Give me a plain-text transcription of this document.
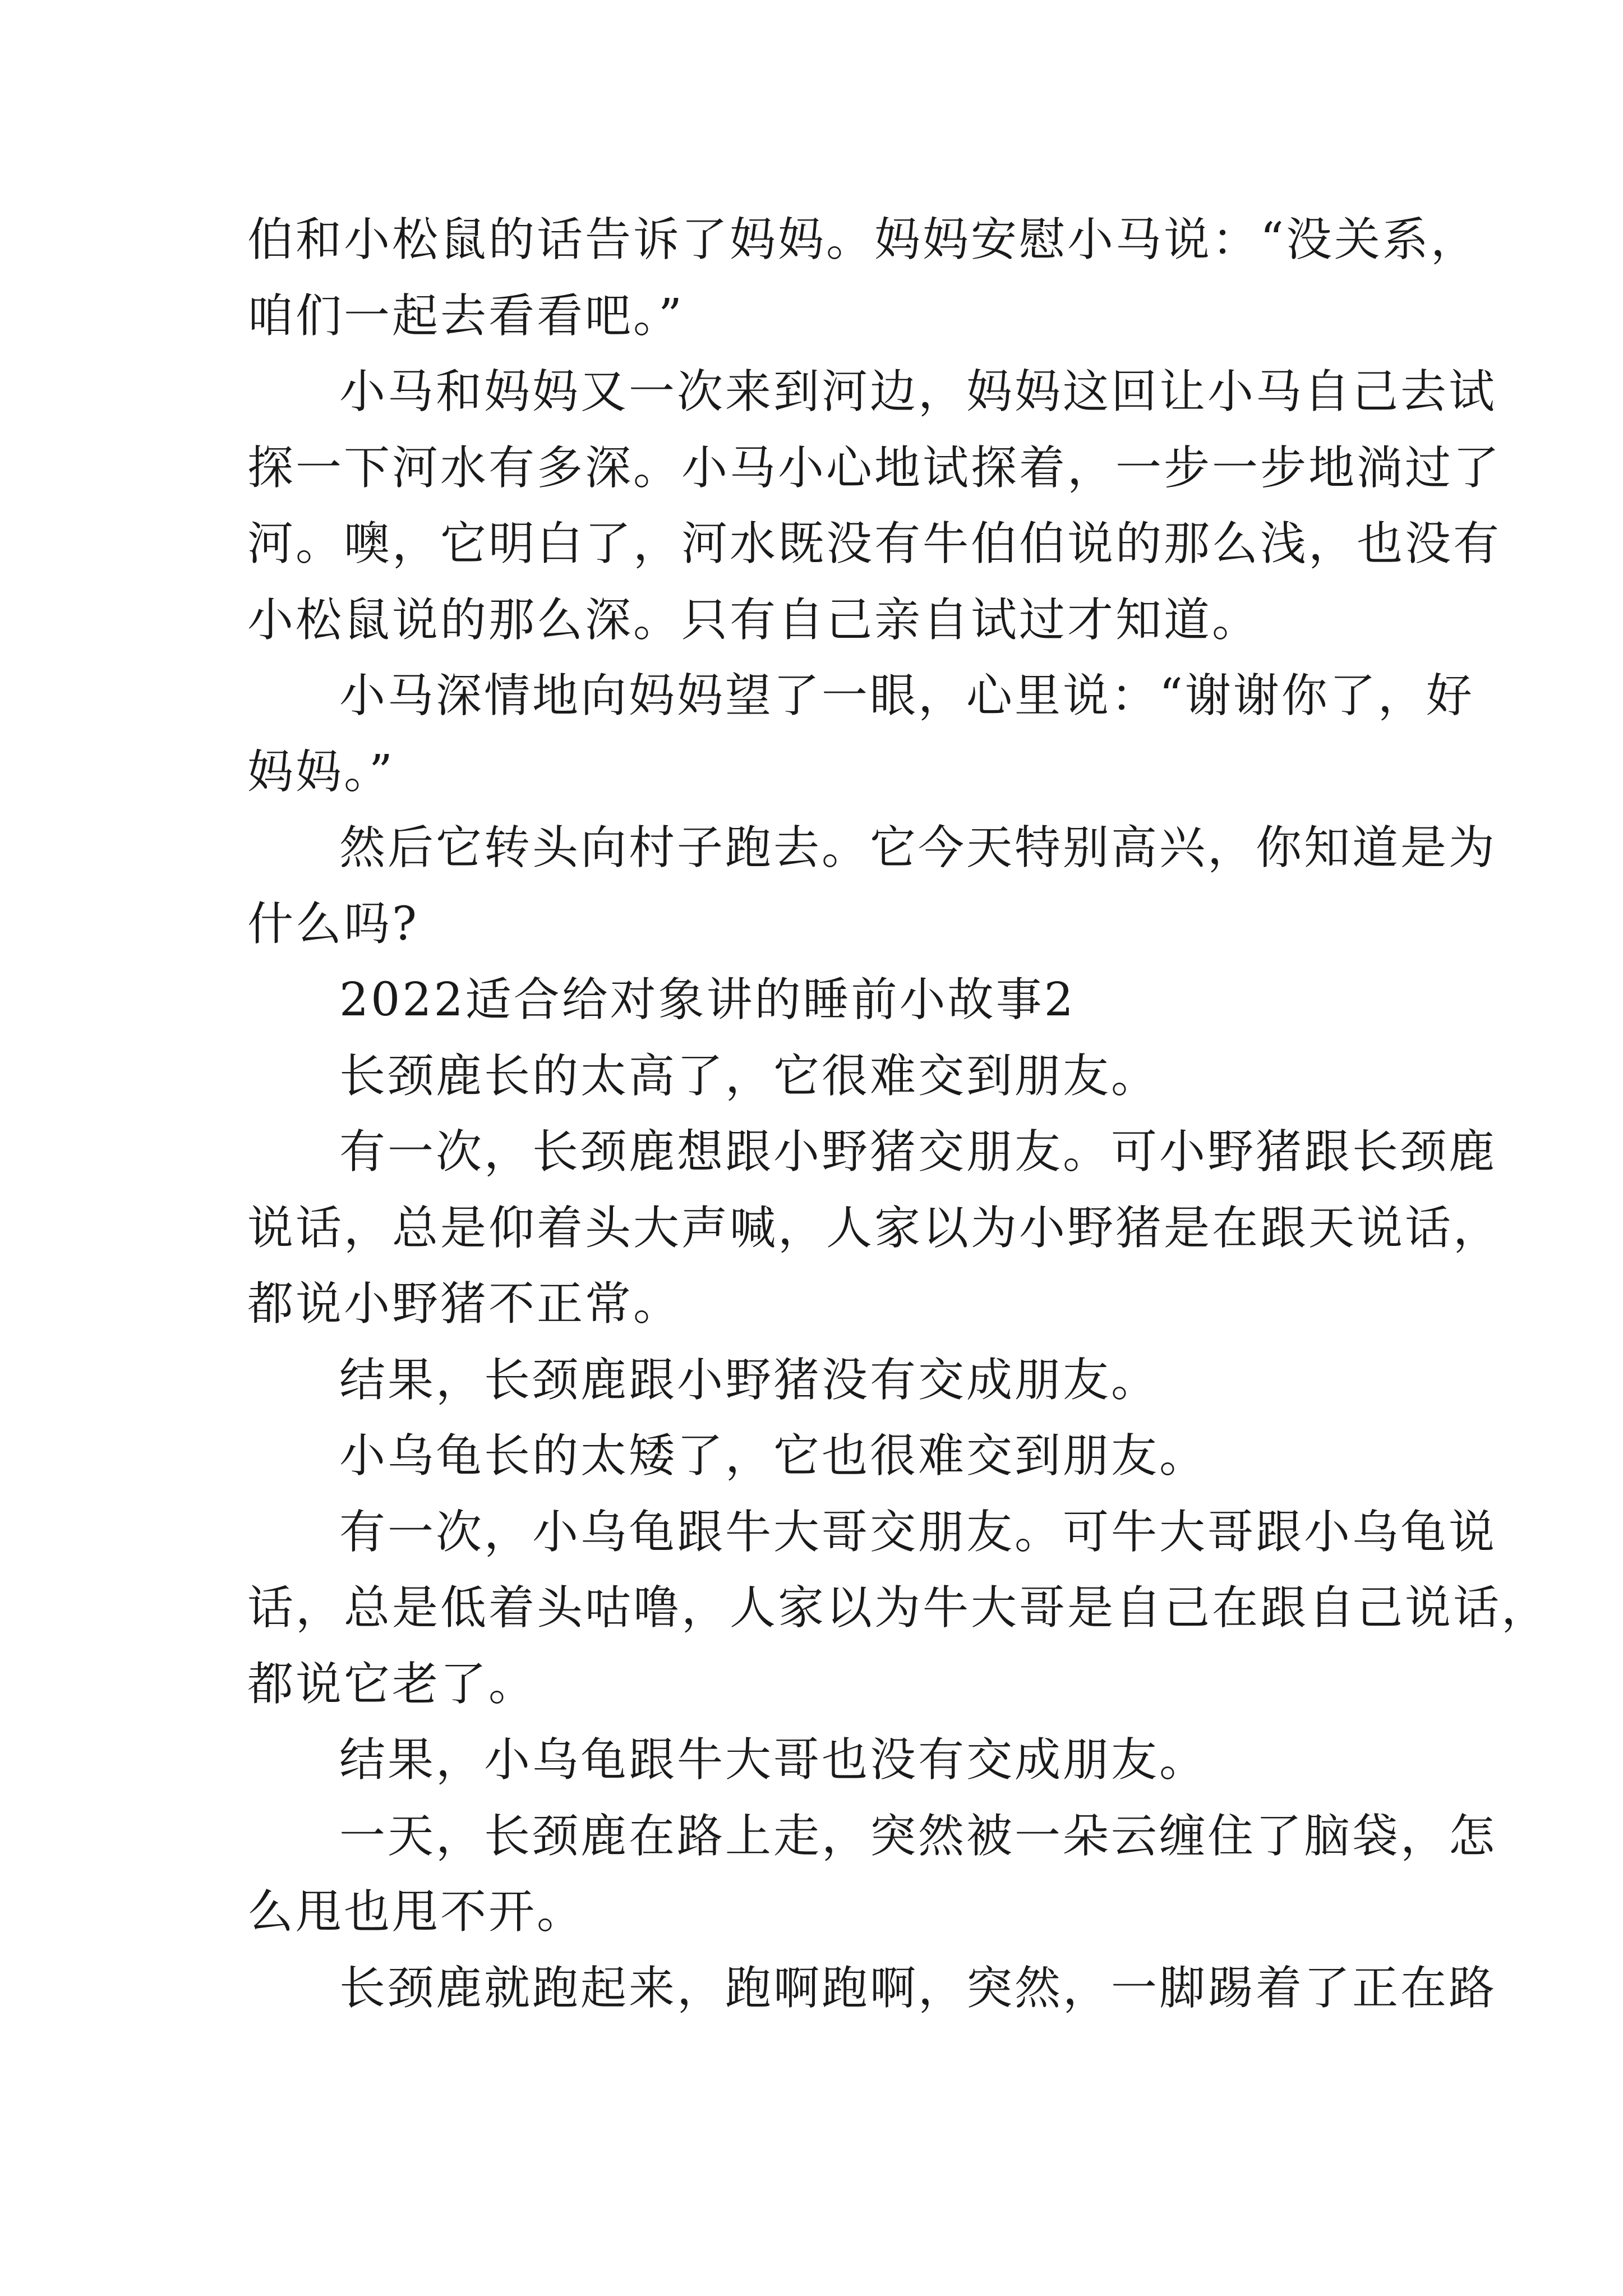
伯和小松鼠的话告诉了妈妈。妈妈安慰小马说：“没关系，

咱们一起去看看吧。”

小马和妈妈又一次来到河边，妈妈这回让小马自己去试

探一下河水有多深。小马小心地试探着，一步一步地淌过了

河。噢，它明白了，河水既没有牛伯伯说的那么浅，也没有

小松鼠说的那么深。只有自己亲自试过才知道。

小马深情地向妈妈望了一眼，心里说：“谢谢你了，好

妈妈。”

然后它转头向村子跑去。它今天特别高兴，你知道是为

什么吗?

2022适合给对象讲的睡前小故事2

长颈鹿长的太高了，它很难交到朋友。

有一次，长颈鹿想跟小野猪交朋友。可小野猪跟长颈鹿

说话，总是仰着头大声喊，人家以为小野猪是在跟天说话，

都说小野猪不正常。

结果，长颈鹿跟小野猪没有交成朋友。

小乌龟长的太矮了，它也很难交到朋友。

有一次，小乌龟跟牛大哥交朋友。可牛大哥跟小乌龟说

话，总是低着头咕噜，人家以为牛大哥是自己在跟自己说话，

都说它老了。

结果，小乌龟跟牛大哥也没有交成朋友。

一天，长颈鹿在路上走，突然被一朵云缠住了脑袋，怎

么甩也甩不开。

长颈鹿就跑起来，跑啊跑啊，突然，一脚踢着了正在路
